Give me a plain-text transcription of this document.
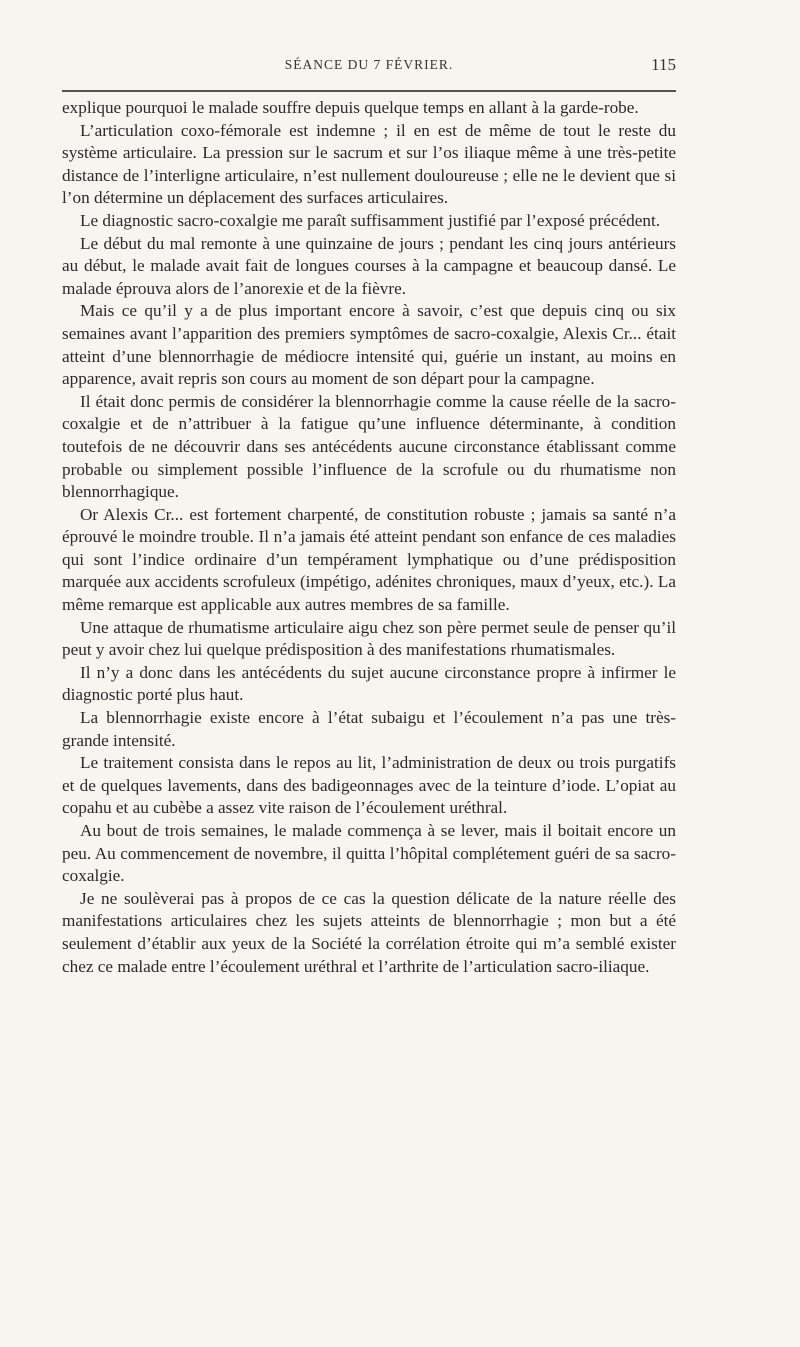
SÉANCE DU 7 FÉVRIER.	115

explique pourquoi le malade souffre depuis quelque temps en allant à la garde-robe.

L’articulation coxo-fémorale est indemne ; il en est de même de tout le reste du système articulaire. La pression sur le sacrum et sur l’os iliaque même à une très-petite distance de l’interligne articulaire, n’est nullement douloureuse ; elle ne le devient que si l’on détermine un déplacement des surfaces articulaires.

Le diagnostic sacro-coxalgie me paraît suffisamment justifié par l’exposé précédent.

Le début du mal remonte à une quinzaine de jours ; pendant les cinq jours antérieurs au début, le malade avait fait de longues courses à la campagne et beaucoup dansé. Le malade éprouva alors de l’anorexie et de la fièvre.

Mais ce qu’il y a de plus important encore à savoir, c’est que depuis cinq ou six semaines avant l’apparition des premiers symptômes de sacro-coxalgie, Alexis Cr... était atteint d’une blennorrhagie de médiocre intensité qui, guérie un instant, au moins en apparence, avait repris son cours au moment de son départ pour la campagne.

Il était donc permis de considérer la blennorrhagie comme la cause réelle de la sacro-coxalgie et de n’attribuer à la fatigue qu’une influence déterminante, à condition toutefois de ne découvrir dans ses antécédents aucune circonstance établissant comme probable ou simplement possible l’influence de la scrofule ou du rhumatisme non blennorrhagique.

Or Alexis Cr... est fortement charpenté, de constitution robuste ; jamais sa santé n’a éprouvé le moindre trouble. Il n’a jamais été atteint pendant son enfance de ces maladies qui sont l’indice ordinaire d’un tempérament lymphatique ou d’une prédisposition marquée aux accidents scrofuleux (impétigo, adénites chroniques, maux d’yeux, etc.). La même remarque est applicable aux autres membres de sa famille.

Une attaque de rhumatisme articulaire aigu chez son père permet seule de penser qu’il peut y avoir chez lui quelque prédisposition à des manifestations rhumatismales.

Il n’y a donc dans les antécédents du sujet aucune circonstance propre à infirmer le diagnostic porté plus haut.

La blennorrhagie existe encore à l’état subaigu et l’écoulement n’a pas une très-grande intensité.

Le traitement consista dans le repos au lit, l’administration de deux ou trois purgatifs et de quelques lavements, dans des badigeonnages avec de la teinture d’iode. L’opiat au copahu et au cubèbe a assez vite raison de l’écoulement uréthral.

Au bout de trois semaines, le malade commença à se lever, mais il boitait encore un peu. Au commencement de novembre, il quitta l’hôpital complétement guéri de sa sacro-coxalgie.

Je ne soulèverai pas à propos de ce cas la question délicate de la nature réelle des manifestations articulaires chez les sujets atteints de blennorrhagie ; mon but a été seulement d’établir aux yeux de la Société la corrélation étroite qui m’a semblé exister chez ce malade entre l’écoulement uréthral et l’arthrite de l’articulation sacro-iliaque.
